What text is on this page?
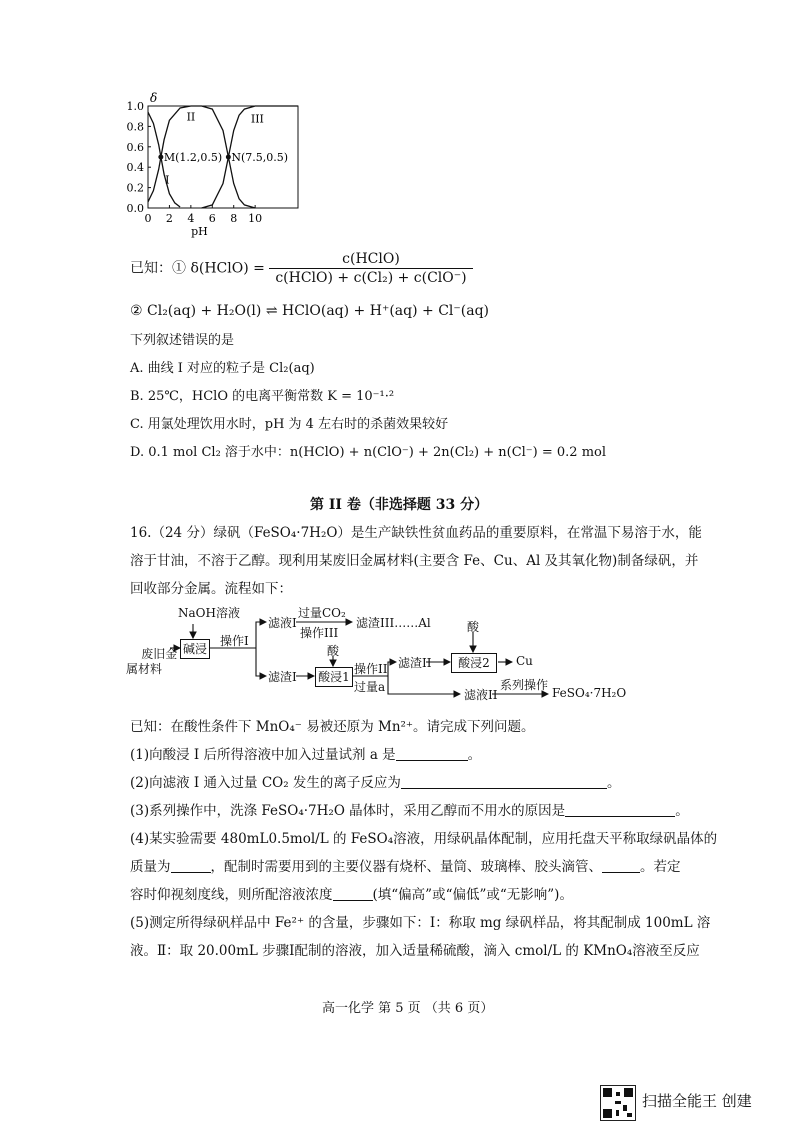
0.0
0.2
0.4
0.6
0.8
1.0
0 2 4 6 8 10
pH
δ
I
II	III
M(1.2,0.5) N(7.5,0.5)
已知：① δ(HClO) = $\frac{\text{c(HClO)}}{\text{c(HClO) + c(Cl₂) + c(ClO⁻)}}$
② Cl₂(aq) + H₂O(l) ⇌ HClO(aq) + H⁺(aq) + Cl⁻(aq)
下列叙述错误的是
A. 曲线 I 对应的粒子是 Cl₂(aq)
B. 25℃，HClO 的电离平衡常数 K = 10⁻¹·²
C. 用氯处理饮用水时，pH 为 4 左右时的杀菌效果较好
D. 0.1 mol Cl₂ 溶于水中：n(HClO) + n(ClO⁻) + 2n(Cl₂) + n(Cl⁻) = 0.2 mol
第 II 卷（非选择题 33 分）
16.（24 分）绿矾（FeSO₄·7H₂O）是生产缺铁性贫血药品的重要原料，在常温下易溶于水，能
溶于甘油，不溶于乙醇。现利用某废旧金属材料(主要含 Fe、Cu、Al 及其氧化物)制备绿矾，并
回收部分金属。流程如下：
NaOH溶液

废旧金
属材料

碱浸
操作I
滤液I
过量CO₂
操作III
滤渣III……Al
滤渣I
酸
酸浸1
操作II
过量a
滤渣II
酸
酸浸2	Cu
滤液II
系列操作
FeSO₄·7H₂O
已知：在酸性条件下 MnO₄⁻ 易被还原为 Mn²⁺。请完成下列问题。
(1)向酸浸 I 后所得溶液中加入过量试剂 a 是	。
(2)向滤液 I 通入过量 CO₂ 发生的离子反应为	。
(3)系列操作中，洗涤 FeSO₄·7H₂O 晶体时，采用乙醇而不用水的原因是	。
(4)某实验需要 480mL0.5mol/L 的 FeSO₄溶液，用绿矾晶体配制，应用托盘天平称取绿矾晶体的
质量为	，配制时需要用到的主要仪器有烧杯、量筒、玻璃棒、胶头滴管、	。若定
容时仰视刻度线，则所配溶液浓度	(填“偏高”或“偏低”或“无影响”)。
(5)测定所得绿矾样品中 Fe²⁺ 的含量，步骤如下：Ⅰ：称取 mg 绿矾样品，将其配制成 100mL 溶
液。Ⅱ：取 20.00mL 步骤Ⅰ配制的溶液，加入适量稀硫酸，滴入 cmol/L 的 KMnO₄溶液至反应
高一化学 第 5 页 （共 6 页）
扫描全能王 创建
